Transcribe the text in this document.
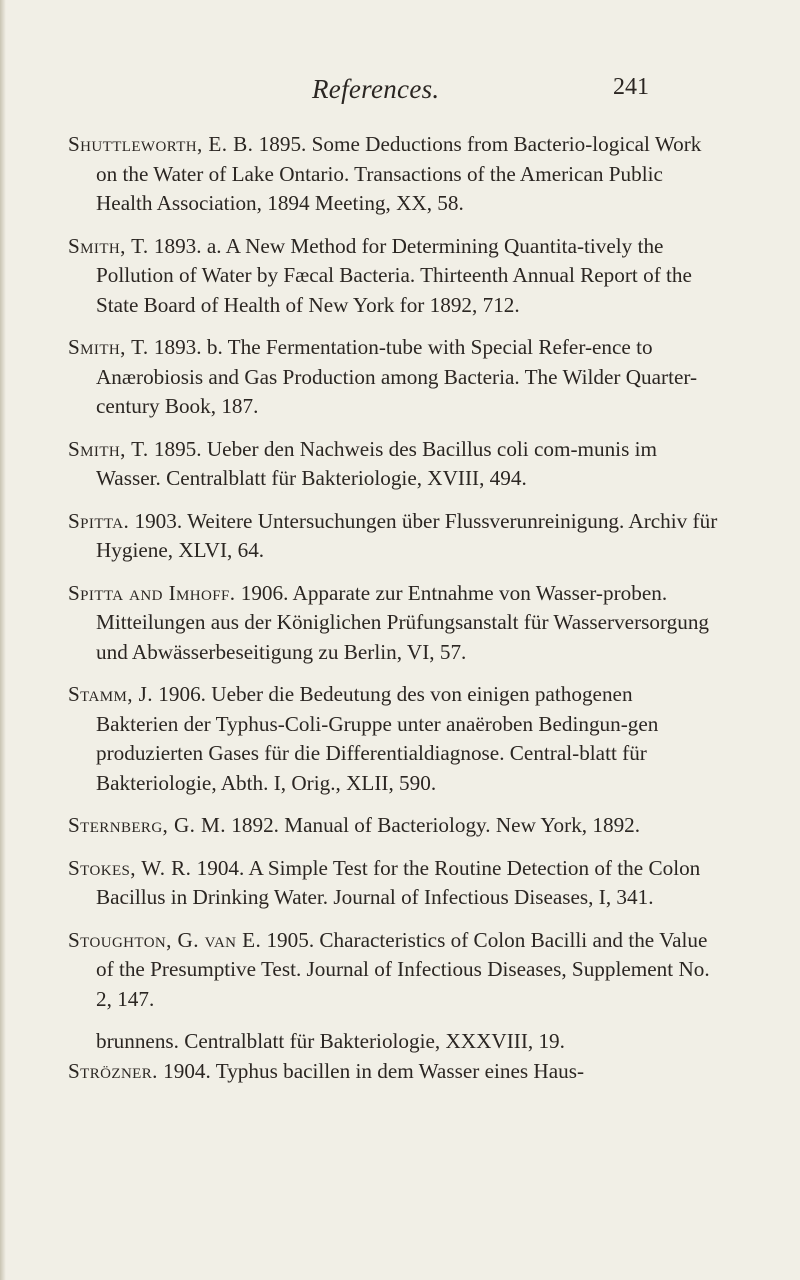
References.	241

Shuttleworth, E. B. 1895. Some Deductions from Bacterio-logical Work on the Water of Lake Ontario. Transactions of the American Public Health Association, 1894 Meeting, XX, 58.

Smith, T. 1893. a. A New Method for Determining Quantita-tively the Pollution of Water by Fæcal Bacteria. Thirteenth Annual Report of the State Board of Health of New York for 1892, 712.

Smith, T. 1893. b. The Fermentation-tube with Special Refer-ence to Anærobiosis and Gas Production among Bacteria. The Wilder Quarter-century Book, 187.

Smith, T. 1895. Ueber den Nachweis des Bacillus coli com-munis im Wasser. Centralblatt für Bakteriologie, XVIII, 494.

Spitta. 1903. Weitere Untersuchungen über Flussverunreinigung. Archiv für Hygiene, XLVI, 64.

Spitta and Imhoff. 1906. Apparate zur Entnahme von Wasser-proben. Mitteilungen aus der Königlichen Prüfungsanstalt für Wasserversorgung und Abwässerbeseitigung zu Berlin, VI, 57.

Stamm, J. 1906. Ueber die Bedeutung des von einigen pathogenen Bakterien der Typhus-Coli-Gruppe unter anaëroben Bedingun-gen produzierten Gases für die Differentialdiagnose. Central-blatt für Bakteriologie, Abth. I, Orig., XLII, 590.

Sternberg, G. M. 1892. Manual of Bacteriology. New York, 1892.

Stokes, W. R. 1904. A Simple Test for the Routine Detection of the Colon Bacillus in Drinking Water. Journal of Infectious Diseases, I, 341.

Stoughton, G. van E. 1905. Characteristics of Colon Bacilli and the Value of the Presumptive Test. Journal of Infectious Diseases, Supplement No. 2, 147.

brunnens. Centralblatt für Bakteriologie, XXXVIII, 19.

Strözner. 1904. Typhus bacillen in dem Wasser eines Haus-
